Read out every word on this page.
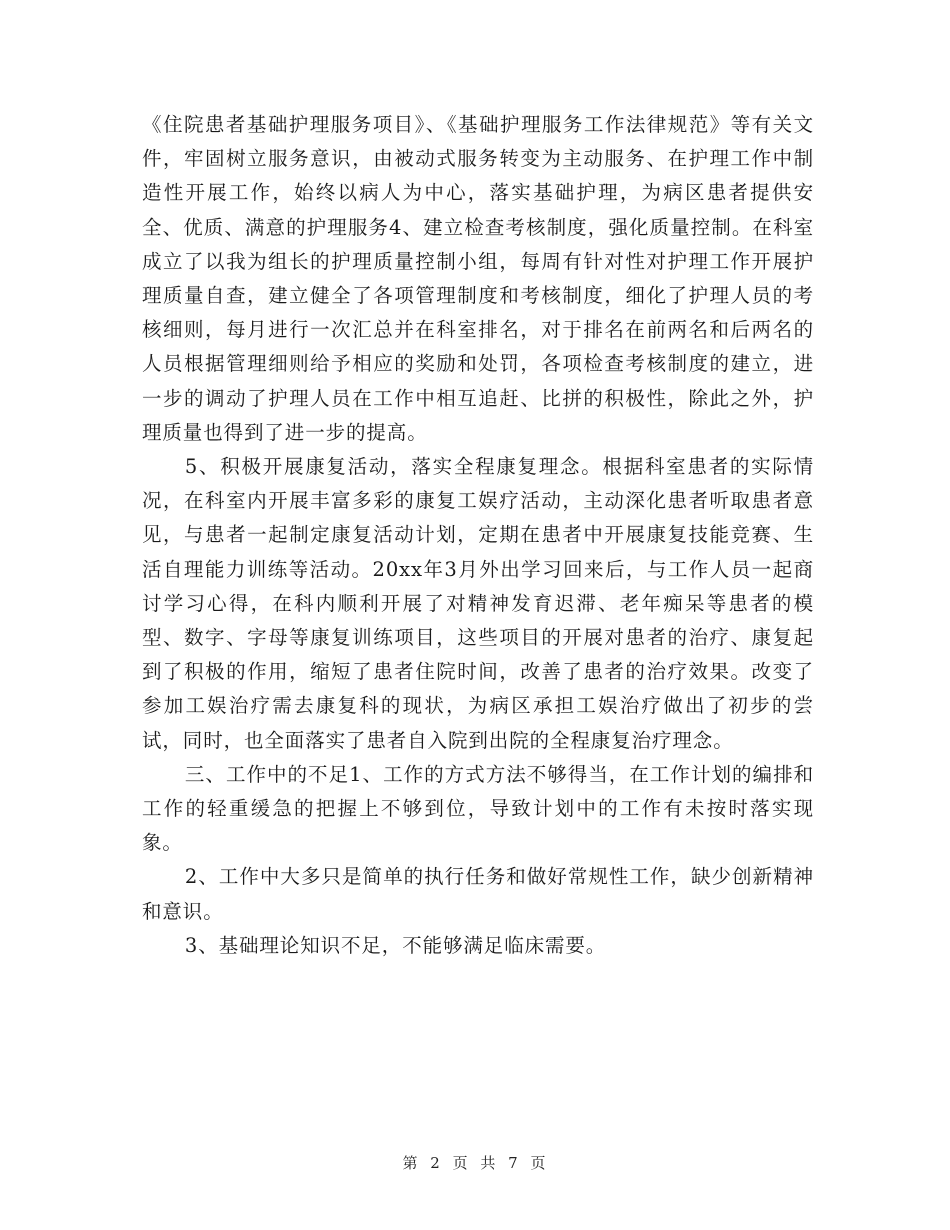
《住院患者基础护理服务项目》、《基础护理服务工作法律规范》等有关文件，牢固树立服务意识，由被动式服务转变为主动服务、在护理工作中制造性开展工作，始终以病人为中心，落实基础护理，为病区患者提供安全、优质、满意的护理服务4、建立检查考核制度，强化质量控制。在科室成立了以我为组长的护理质量控制小组，每周有针对性对护理工作开展护理质量自查，建立健全了各项管理制度和考核制度，细化了护理人员的考核细则，每月进行一次汇总并在科室排名，对于排名在前两名和后两名的人员根据管理细则给予相应的奖励和处罚，各项检查考核制度的建立，进一步的调动了护理人员在工作中相互追赶、比拼的积极性，除此之外，护理质量也得到了进一步的提高。

5、积极开展康复活动，落实全程康复理念。根据科室患者的实际情况，在科室内开展丰富多彩的康复工娱疗活动，主动深化患者听取患者意见，与患者一起制定康复活动计划，定期在患者中开展康复技能竞赛、生活自理能力训练等活动。20xx年3月外出学习回来后，与工作人员一起商讨学习心得，在科内顺利开展了对精神发育迟滞、老年痴呆等患者的模型、数字、字母等康复训练项目，这些项目的开展对患者的治疗、康复起到了积极的作用，缩短了患者住院时间，改善了患者的治疗效果。改变了参加工娱治疗需去康复科的现状，为病区承担工娱治疗做出了初步的尝试，同时，也全面落实了患者自入院到出院的全程康复治疗理念。

三、工作中的不足1、工作的方式方法不够得当，在工作计划的编排和工作的轻重缓急的把握上不够到位，导致计划中的工作有未按时落实现象。

2、工作中大多只是简单的执行任务和做好常规性工作，缺少创新精神和意识。

3、基础理论知识不足，不能够满足临床需要。

第 2 页 共 7 页
